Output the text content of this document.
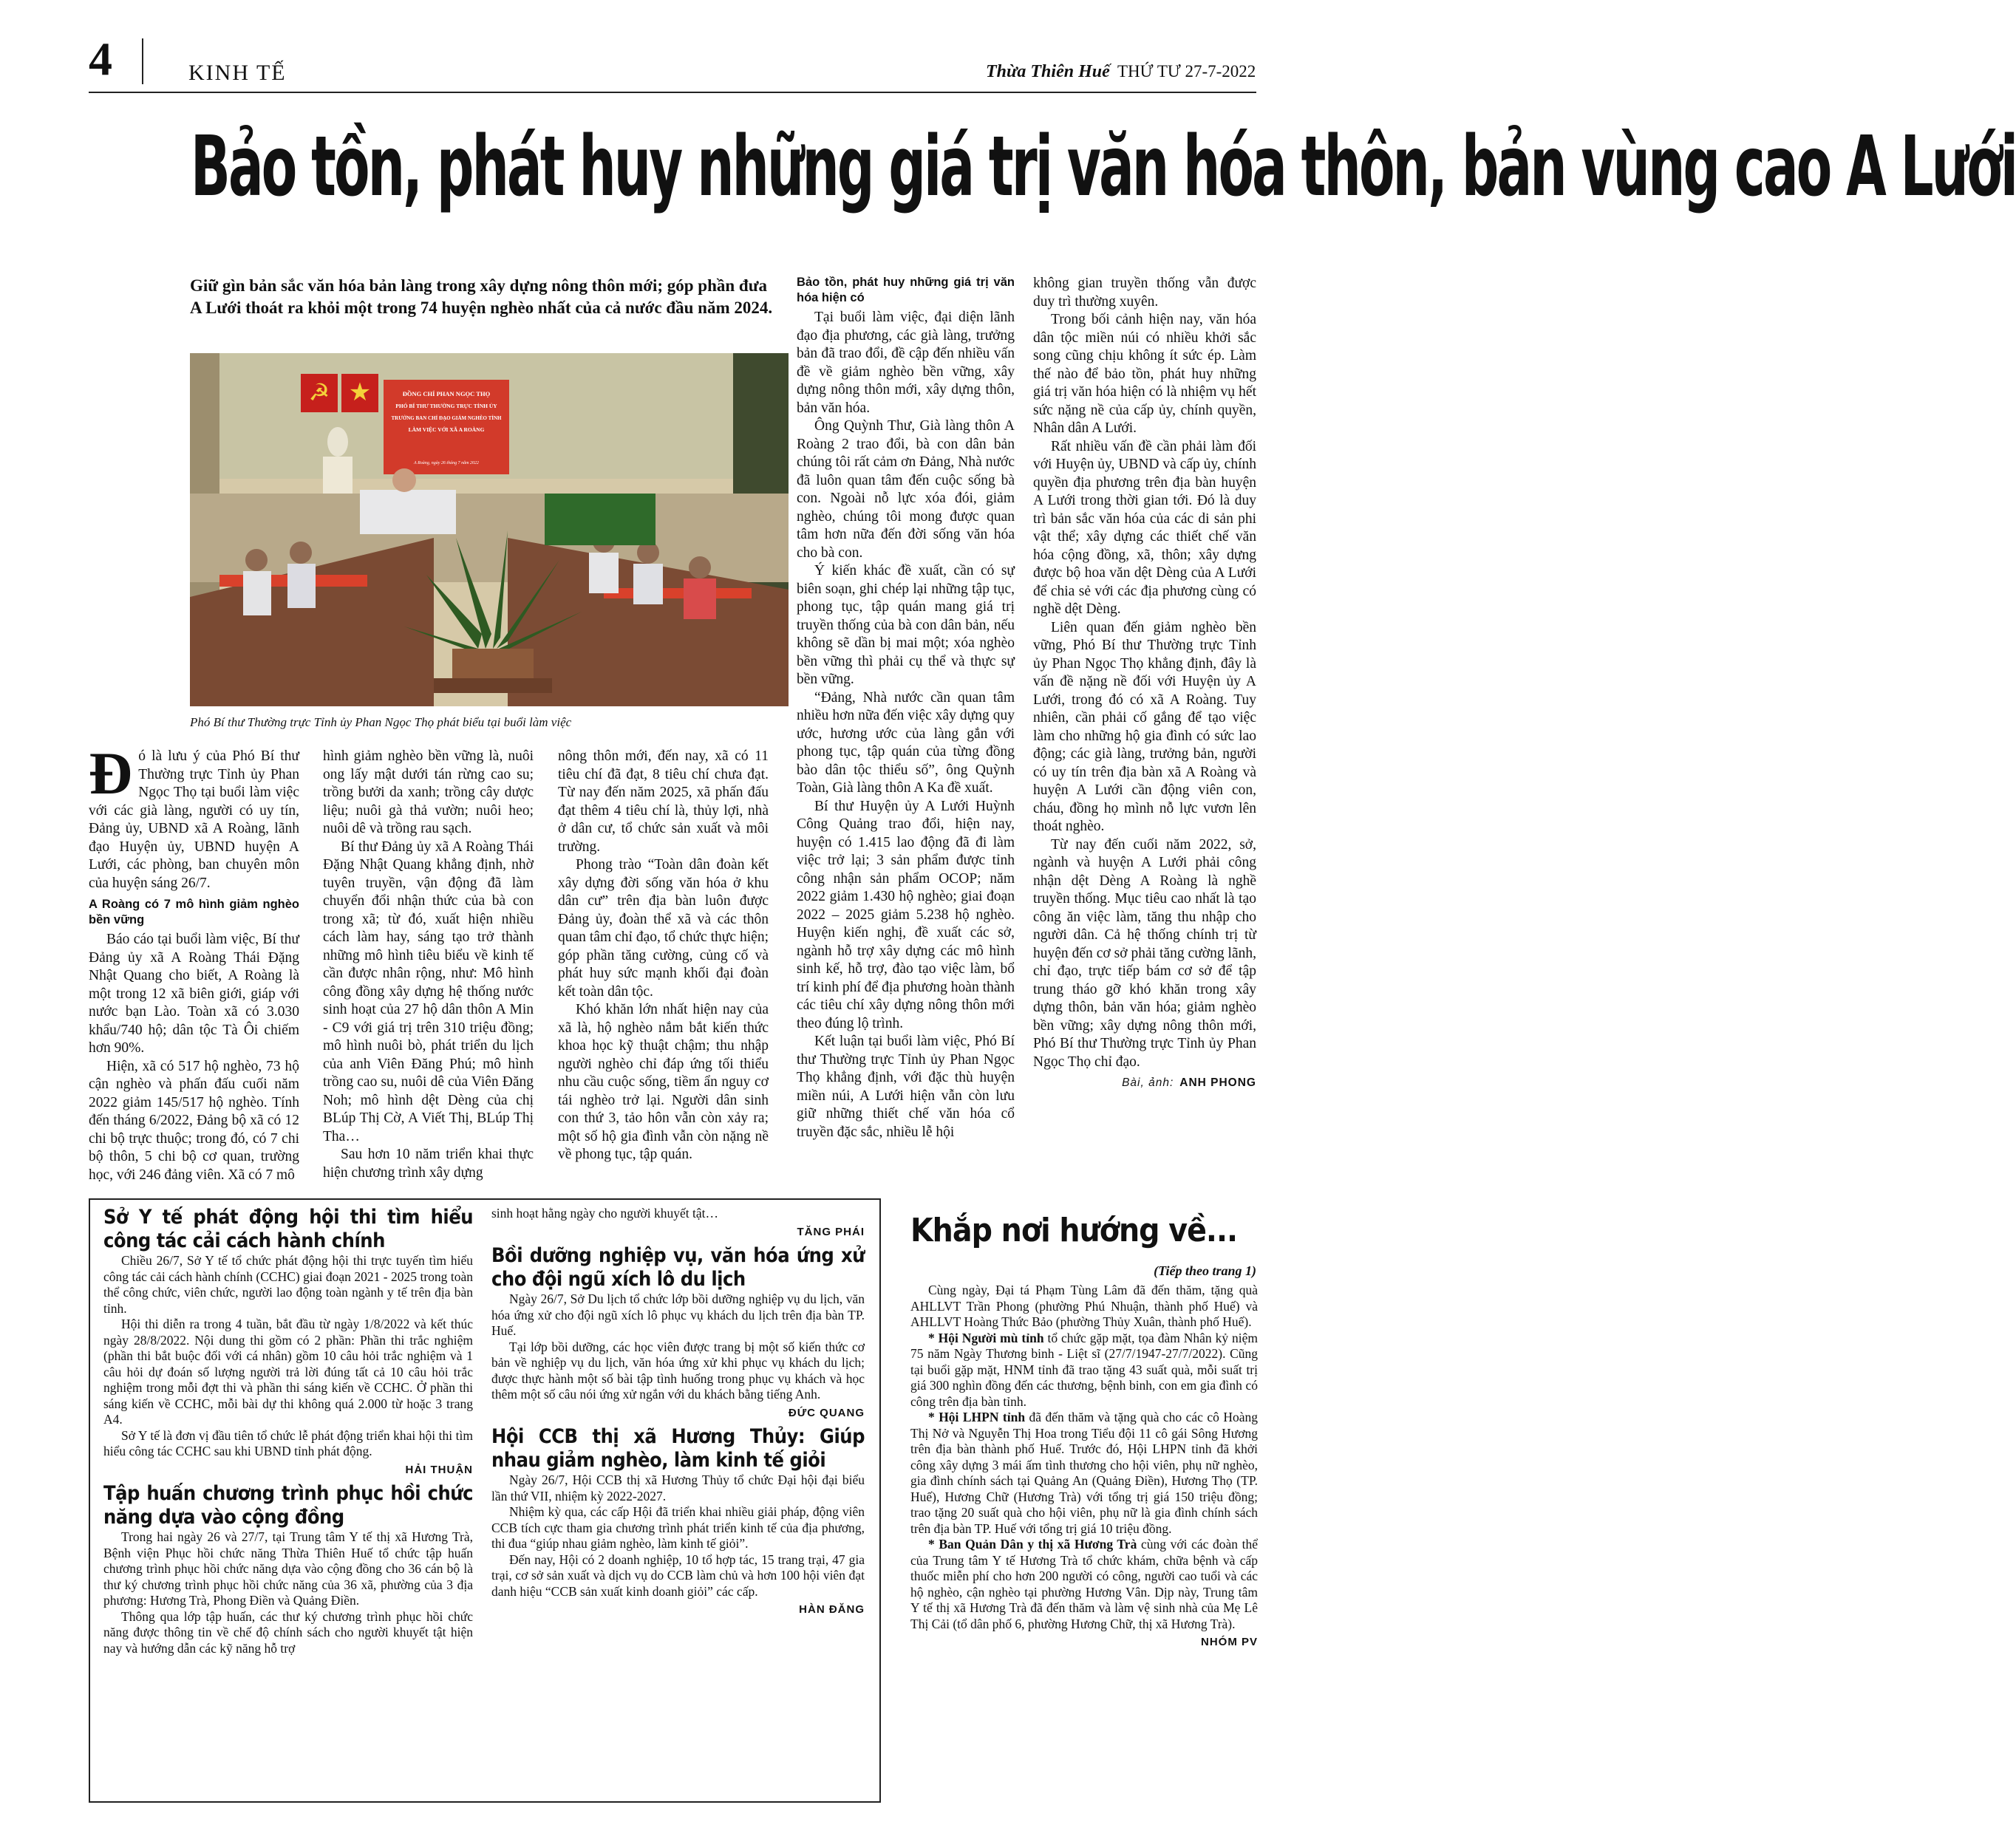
4	KINH TẾ	Thừa Thiên Huế THỨ TƯ 27-7-2022
Bảo tồn, phát huy những giá trị văn hóa thôn, bản vùng cao A Lưới
Giữ gìn bản sắc văn hóa bản làng trong xây dựng nông thôn mới; góp phần đưa A Lưới thoát ra khỏi một trong 74 huyện nghèo nhất của cả nước đầu năm 2024.
☭ ★	ĐỒNG CHÍ PHAN NGỌC THỌ
PHÓ BÍ THƯ THƯỜNG TRỰC TỈNH ỦY
TRƯỞNG BAN CHỈ ĐẠO GIẢM NGHÈO TỈNH
LÀM VIỆC VỚI XÃ A ROÀNG
A Roàng, ngày 26 tháng 7 năm 2022
Phó Bí thư Thường trực Tỉnh ủy Phan Ngọc Thọ phát biểu tại buổi làm việc
Đ ó là lưu ý của Phó Bí thư Thường trực Tỉnh ủy Phan Ngọc Thọ tại buổi làm việc với các già làng, người có uy tín, Đảng ủy, UBND xã A Roàng, lãnh đạo Huyện ủy, UBND huyện A Lưới, các phòng, ban chuyên môn của huyện sáng 26/7.
A Roàng có 7 mô hình giảm nghèo bền vững

Báo cáo tại buổi làm việc, Bí thư Đảng ủy xã A Roàng Thái Đặng Nhật Quang cho biết, A Roàng là một trong 12 xã biên giới, giáp với nước bạn Lào. Toàn xã có 3.030 khẩu/740 hộ; dân tộc Tà Ôi chiếm hơn 90%.

Hiện, xã có 517 hộ nghèo, 73 hộ cận nghèo và phấn đấu cuối năm 2022 giảm 145/517 hộ nghèo. Tính đến tháng 6/2022, Đảng bộ xã có 12 chi bộ trực thuộc; trong đó, có 7 chi bộ thôn, 5 chi bộ cơ quan, trường học, với 246 đảng viên. Xã có 7 mô

hình giảm nghèo bền vững là, nuôi ong lấy mật dưới tán rừng cao su; trồng bưởi da xanh; trồng cây dược liệu; nuôi gà thả vườn; nuôi heo; nuôi dê và trồng rau sạch.

Bí thư Đảng ủy xã A Roàng Thái Đặng Nhật Quang khẳng định, nhờ tuyên truyền, vận động đã làm chuyển đổi nhận thức của bà con trong xã; từ đó, xuất hiện nhiều cách làm hay, sáng tạo trở thành những mô hình tiêu biểu về kinh tế cần được nhân rộng, như: Mô hình công đồng xây dựng hệ thống nước sinh hoạt của 27 hộ dân thôn A Min - C9 với giá trị trên 310 triệu đồng; mô hình nuôi bò, phát triển du lịch của anh Viên Đăng Phú; mô hình trồng cao su, nuôi dê của Viên Đăng Noh; mô hình dệt Dèng của chị BLúp Thị Cờ, A Viết Thị, BLúp Thị Tha…

Sau hơn 10 năm triển khai thực hiện chương trình xây dựng

nông thôn mới, đến nay, xã có 11 tiêu chí đã đạt, 8 tiêu chí chưa đạt. Từ nay đến năm 2025, xã phấn đấu đạt thêm 4 tiêu chí là, thủy lợi, nhà ở dân cư, tổ chức sản xuất và môi trường.

Phong trào “Toàn dân đoàn kết xây dựng đời sống văn hóa ở khu dân cư” trên địa bàn luôn được Đảng ủy, đoàn thể xã và các thôn quan tâm chỉ đạo, tổ chức thực hiện; góp phần tăng cường, củng cố và phát huy sức mạnh khối đại đoàn kết toàn dân tộc.

Khó khăn lớn nhất hiện nay của xã là, hộ nghèo nắm bắt kiến thức khoa học kỹ thuật chậm; thu nhập người nghèo chỉ đáp ứng tối thiểu nhu cầu cuộc sống, tiềm ẩn nguy cơ tái nghèo trở lại. Người dân sinh con thứ 3, tảo hôn vẫn còn xảy ra; một số hộ gia đình vẫn còn nặng nề về phong tục, tập quán.

Bảo tồn, phát huy những giá trị văn hóa hiện có

Tại buổi làm việc, đại diện lãnh đạo địa phương, các già làng, trưởng bản đã trao đổi, đề cập đến nhiều vấn đề về giảm nghèo bền vững, xây dựng nông thôn mới, xây dựng thôn, bản văn hóa.

Ông Quỳnh Thư, Già làng thôn A Roàng 2 trao đổi, bà con dân bản chúng tôi rất cảm ơn Đảng, Nhà nước đã luôn quan tâm đến cuộc sống bà con. Ngoài nỗ lực xóa đói, giảm nghèo, chúng tôi mong được quan tâm hơn nữa đến đời sống văn hóa cho bà con.

Ý kiến khác đề xuất, cần có sự biên soạn, ghi chép lại những tập tục, phong tục, tập quán mang giá trị truyền thống của bà con dân bản, nếu không sẽ dần bị mai một; xóa nghèo bền vững thì phải cụ thể và thực sự bền vững.

“Đảng, Nhà nước cần quan tâm nhiều hơn nữa đến việc xây dựng quy ước, hương ước của làng gắn với phong tục, tập quán của từng đồng bào dân tộc thiểu số”, ông Quỳnh Toàn, Già làng thôn A Ka đề xuất.

Bí thư Huyện ủy A Lưới Huỳnh Công Quảng trao đổi, hiện nay, huyện có 1.415 lao động đã đi làm việc trở lại; 3 sản phẩm được tỉnh công nhận sản phẩm OCOP; năm 2022 giảm 1.430 hộ nghèo; giai đoạn 2022 – 2025 giảm 5.238 hộ nghèo. Huyện kiến nghị, đề xuất các sở, ngành hỗ trợ xây dựng các mô hình sinh kế, hỗ trợ, đào tạo việc làm, bổ trí kinh phí để địa phương hoàn thành các tiêu chí xây dựng nông thôn mới theo đúng lộ trình.

Kết luận tại buổi làm việc, Phó Bí thư Thường trực Tỉnh ủy Phan Ngọc Thọ khẳng định, với đặc thù huyện miền núi, A Lưới hiện vẫn còn lưu giữ những thiết chế văn hóa cổ truyền đặc sắc, nhiều lễ hội

không gian truyền thống vẫn được duy trì thường xuyên.

Trong bối cảnh hiện nay, văn hóa dân tộc miền núi có nhiều khởi sắc song cũng chịu không ít sức ép. Làm thế nào để bảo tồn, phát huy những giá trị văn hóa hiện có là nhiệm vụ hết sức nặng nề của cấp ủy, chính quyền, Nhân dân A Lưới.

Rất nhiều vấn đề cần phải làm đối với Huyện ủy, UBND và cấp ủy, chính quyền địa phương trên địa bàn huyện A Lưới trong thời gian tới. Đó là duy trì bản sắc văn hóa của các di sản phi vật thể; xây dựng các thiết chế văn hóa cộng đồng, xã, thôn; xây dựng được bộ hoa văn dệt Dèng của A Lưới để chia sẻ với các địa phương cùng có nghề dệt Dèng.

Liên quan đến giảm nghèo bền vững, Phó Bí thư Thường trực Tỉnh ủy Phan Ngọc Thọ khẳng định, đây là vấn đề nặng nề đối với Huyện ủy A Lưới, trong đó có xã A Roàng. Tuy nhiên, cần phải cố gắng để tạo việc làm cho những hộ gia đình có sức lao động; các già làng, trưởng bản, người có uy tín trên địa bàn xã A Roàng và huyện A Lưới cần động viên con, cháu, đồng họ mình nỗ lực vươn lên thoát nghèo.

Từ nay đến cuối năm 2022, sở, ngành và huyện A Lưới phải công nhận dệt Dèng A Roàng là nghề truyền thống. Mục tiêu cao nhất là tạo công ăn việc làm, tăng thu nhập cho người dân. Cả hệ thống chính trị từ huyện đến cơ sở phải tăng cường lãnh, chỉ đạo, trực tiếp bám cơ sở để tập trung tháo gỡ khó khăn trong xây dựng thôn, bản văn hóa; giảm nghèo bền vững; xây dựng nông thôn mới, Phó Bí thư Thường trực Tỉnh ủy Phan Ngọc Thọ chỉ đạo.

Bài, ảnh: ANH PHONG

Sở Y tế phát động hội thi tìm hiểu công tác cải cách hành chính

Chiều 26/7, Sở Y tế tổ chức phát động hội thi trực tuyến tìm hiểu công tác cải cách hành chính (CCHC) giai đoạn 2021 - 2025 trong toàn thể công chức, viên chức, người lao động toàn ngành y tế trên địa bàn tỉnh.

Hội thi diễn ra trong 4 tuần, bắt đầu từ ngày 1/8/2022 và kết thúc ngày 28/8/2022. Nội dung thi gồm có 2 phần: Phần thi trắc nghiệm (phần thi bắt buộc đối với cá nhân) gồm 10 câu hỏi trắc nghiệm và 1 câu hỏi dự đoán số lượng người trả lời đúng tất cả 10 câu hỏi trắc nghiệm trong mỗi đợt thi và phần thi sáng kiến về CCHC. Ở phần thi sáng kiến về CCHC, mỗi bài dự thi không quá 2.000 từ hoặc 3 trang A4.

Sở Y tế là đơn vị đầu tiên tổ chức lễ phát động triển khai hội thi tìm hiểu công tác CCHC sau khi UBND tỉnh phát động.

HẢI THUẬN

Tập huấn chương trình phục hồi chức năng dựa vào cộng đồng

Trong hai ngày 26 và 27/7, tại Trung tâm Y tế thị xã Hương Trà, Bệnh viện Phục hồi chức năng Thừa Thiên Huế tổ chức tập huấn chương trình phục hồi chức năng dựa vào cộng đồng cho 36 cán bộ là thư ký chương trình phục hồi chức năng của 36 xã, phường của 3 địa phương: Hương Trà, Phong Điền và Quảng Điền.

Thông qua lớp tập huấn, các thư ký chương trình phục hồi chức năng được thông tin về chế độ chính sách cho người khuyết tật hiện nay và hướng dẫn các kỹ năng hỗ trợ

sinh hoạt hằng ngày cho người khuyết tật…

TĂNG PHÁI

Bồi dưỡng nghiệp vụ, văn hóa ứng xử cho đội ngũ xích lô du lịch

Ngày 26/7, Sở Du lịch tổ chức lớp bồi dưỡng nghiệp vụ du lịch, văn hóa ứng xử cho đội ngũ xích lô phục vụ khách du lịch trên địa bàn TP. Huế.

Tại lớp bồi dưỡng, các học viên được trang bị một số kiến thức cơ bản về nghiệp vụ du lịch, văn hóa ứng xử khi phục vụ khách du lịch; được thực hành một số bài tập tình huống trong phục vụ khách và học thêm một số câu nói ứng xử ngắn với du khách bằng tiếng Anh.

ĐỨC QUANG

Hội CCB thị xã Hương Thủy: Giúp nhau giảm nghèo, làm kinh tế giỏi

Ngày 26/7, Hội CCB thị xã Hương Thủy tổ chức Đại hội đại biểu lần thứ VII, nhiệm kỳ 2022-2027.

Nhiệm kỳ qua, các cấp Hội đã triển khai nhiều giải pháp, động viên CCB tích cực tham gia chương trình phát triển kinh tế của địa phương, thi đua “giúp nhau giảm nghèo, làm kinh tế giỏi”.

Đến nay, Hội có 2 doanh nghiệp, 10 tổ hợp tác, 15 trang trại, 47 gia trại, cơ sở sản xuất và dịch vụ do CCB làm chủ và hơn 100 hội viên đạt danh hiệu “CCB sản xuất kinh doanh giỏi” các cấp.

HÀN ĐĂNG
Khắp nơi hướng về...
(Tiếp theo trang 1)

Cùng ngày, Đại tá Phạm Tùng Lâm đã đến thăm, tặng quà AHLLVT Trần Phong (phường Phú Nhuận, thành phố Huế) và AHLLVT Hoàng Thức Bảo (phường Thủy Xuân, thành phố Huế).

* Hội Người mù tỉnh tổ chức gặp mặt, tọa đàm Nhân kỷ niệm 75 năm Ngày Thương binh - Liệt sĩ (27/7/1947-27/7/2022). Cũng tại buổi gặp mặt, HNM tỉnh đã trao tặng 43 suất quà, mỗi suất trị giá 300 nghìn đồng đến các thương, bệnh binh, con em gia đình có công trên địa bàn tỉnh.

* Hội LHPN tỉnh đã đến thăm và tặng quà cho các cô Hoàng Thị Nở và Nguyễn Thị Hoa trong Tiểu đội 11 cô gái Sông Hương trên địa bàn thành phố Huế. Trước đó, Hội LHPN tỉnh đã khởi công xây dựng 3 mái ấm tình thương cho hội viên, phụ nữ nghèo, gia đình chính sách tại Quảng An (Quảng Điền), Hương Thọ (TP. Huế), Hương Chữ (Hương Trà) với tổng trị giá 150 triệu đồng; trao tặng 20 suất quà cho hội viên, phụ nữ là gia đình chính sách trên địa bàn TP. Huế với tổng trị giá 10 triệu đồng.

* Ban Quản Dân y thị xã Hương Trà cùng với các đoàn thể của Trung tâm Y tế Hương Trà tổ chức khám, chữa bệnh và cấp thuốc miễn phí cho hơn 200 người có công, người cao tuổi và các hộ nghèo, cận nghèo tại phường Hương Vân. Dịp này, Trung tâm Y tế thị xã Hương Trà đã đến thăm và làm vệ sinh nhà của Mẹ Lê Thị Cải (tổ dân phố 6, phường Hương Chữ, thị xã Hương Trà).

NHÓM PV
